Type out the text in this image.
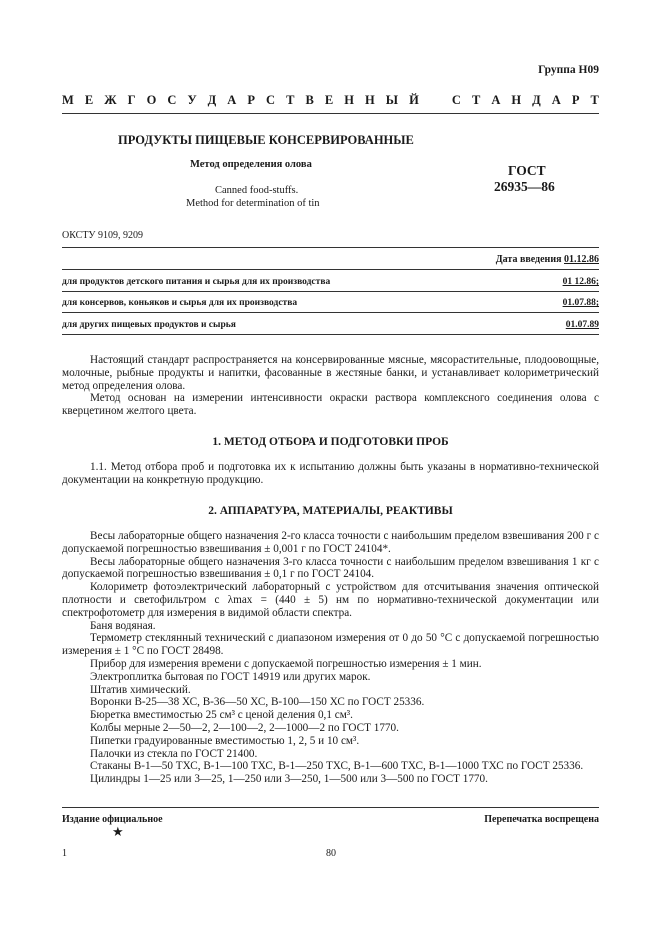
Группа Н09
М Е Ж Г О С У Д А Р С Т В Е Н Н Ы Й	С Т А Н Д А Р Т
ПРОДУКТЫ ПИЩЕВЫЕ КОНСЕРВИРОВАННЫЕ
Метод определения олова
Canned food-stuffs.
Method for determination of tin
ГОСТ
26935—86
ОКСТУ 9109, 9209
Дата введения 01.12.86
для продуктов детского питания и сырья для их производства	01 12.86;
для консервов, коньяков и сырья для их производства	01.07.88;
для других пищевых продуктов и сырья	01.07.89

Настоящий стандарт распространяется на консервированные мясные, мясорастительные, плодоовощные, молочные, рыбные продукты и напитки, фасованные в жестяные банки, и устанавливает колориметрический метод определения олова.

Метод основан на измерении интенсивности окраски раствора комплексного соединения олова с кверцетином желтого цвета.

1. МЕТОД ОТБОРА И ПОДГОТОВКИ ПРОБ

1.1. Метод отбора проб и подготовка их к испытанию должны быть указаны в нормативно-технической документации на конкретную продукцию.

2. АППАРАТУРА, МАТЕРИАЛЫ, РЕАКТИВЫ

Весы лабораторные общего назначения 2-го класса точности с наибольшим пределом взвешивания 200 г с допускаемой погрешностью взвешивания ± 0,001 г по ГОСТ 24104*.

Весы лабораторные общего назначения 3-го класса точности с наибольшим пределом взвешивания 1 кг с допускаемой погрешностью взвешивания ± 0,1 г по ГОСТ 24104.

Колориметр фотоэлектрический лабораторный с устройством для отсчитывания значения оптической плотности и светофильтром с λmax = (440 ± 5) нм по нормативно-технической документации или спектрофотометр для измерения в видимой области спектра.

Баня водяная.

Термометр стеклянный технический с диапазоном измерения от 0 до 50 °С с допускаемой погрешностью измерения ± 1 °С по ГОСТ 28498.

Прибор для измерения времени с допускаемой погрешностью измерения ± 1 мин.

Электроплитка бытовая по ГОСТ 14919 или других марок.

Штатив химический.

Воронки В-25—38 ХС, В-36—50 ХС, В-100—150 ХС по ГОСТ 25336.

Бюретка вместимостью 25 см³ с ценой деления 0,1 см³.

Колбы мерные 2—50—2, 2—100—2, 2—1000—2 по ГОСТ 1770.

Пипетки градуированные вместимостью 1, 2, 5 и 10 см³.

Палочки из стекла по ГОСТ 21400.

Стаканы В-1—50 ТХС, В-1—100 ТХС, В-1—250 ТХС, В-1—600 ТХС, В-1—1000 ТХС по ГОСТ 25336.

Цилиндры 1—25 или 3—25, 1—250 или 3—250, 1—500 или 3—500 по ГОСТ 1770.

Издание официальное	Перепечатка воспрещена
★
1	80
